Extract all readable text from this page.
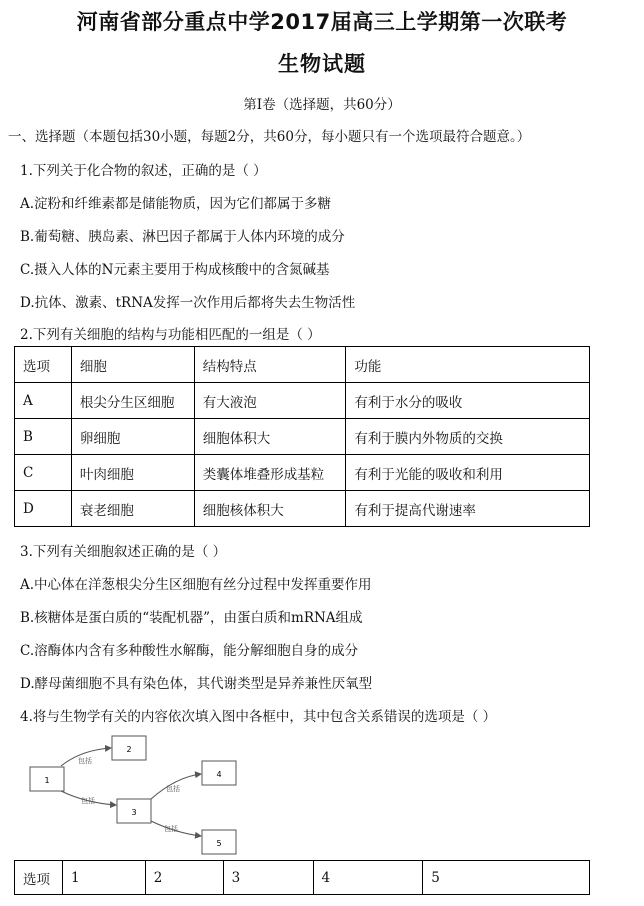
河南省部分重点中学2017届高三上学期第一次联考
生物试题
第Ⅰ卷（选择题，共60分）
一、选择题（本题包括30小题，每题2分，共60分，每小题只有一个选项最符合题意。）
1.下列关于化合物的叙述，正确的是（ ）
A.淀粉和纤维素都是储能物质，因为它们都属于多糖
B.葡萄糖、胰岛素、淋巴因子都属于人体内环境的成分
C.摄入人体的N元素主要用于构成核酸中的含氮碱基
D.抗体、激素、tRNA发挥一次作用后都将失去生物活性
2.下列有关细胞的结构与功能相匹配的一组是（ ）
选项	细胞	结构特点	功能
A	根尖分生区细胞	有大液泡	有利于水分的吸收
B	卵细胞	细胞体积大	有利于膜内外物质的交换
C	叶肉细胞	类囊体堆叠形成基粒	有利于光能的吸收和利用
D	衰老细胞	细胞核体积大	有利于提高代谢速率
3.下列有关细胞叙述正确的是（ ）
A.中心体在洋葱根尖分生区细胞有丝分过程中发挥重要作用
B.核糖体是蛋白质的“装配机器”，由蛋白质和mRNA组成
C.溶酶体内含有多种酸性水解酶，能分解细胞自身的成分
D.酵母菌细胞不具有染色体，其代谢类型是异养兼性厌氧型
4.将与生物学有关的内容依次填入图中各框中，其中包含关系错误的选项是（ ）
包括
包括
包括
包括
1
2
3
4
5
选项	1	2	3	4	5
